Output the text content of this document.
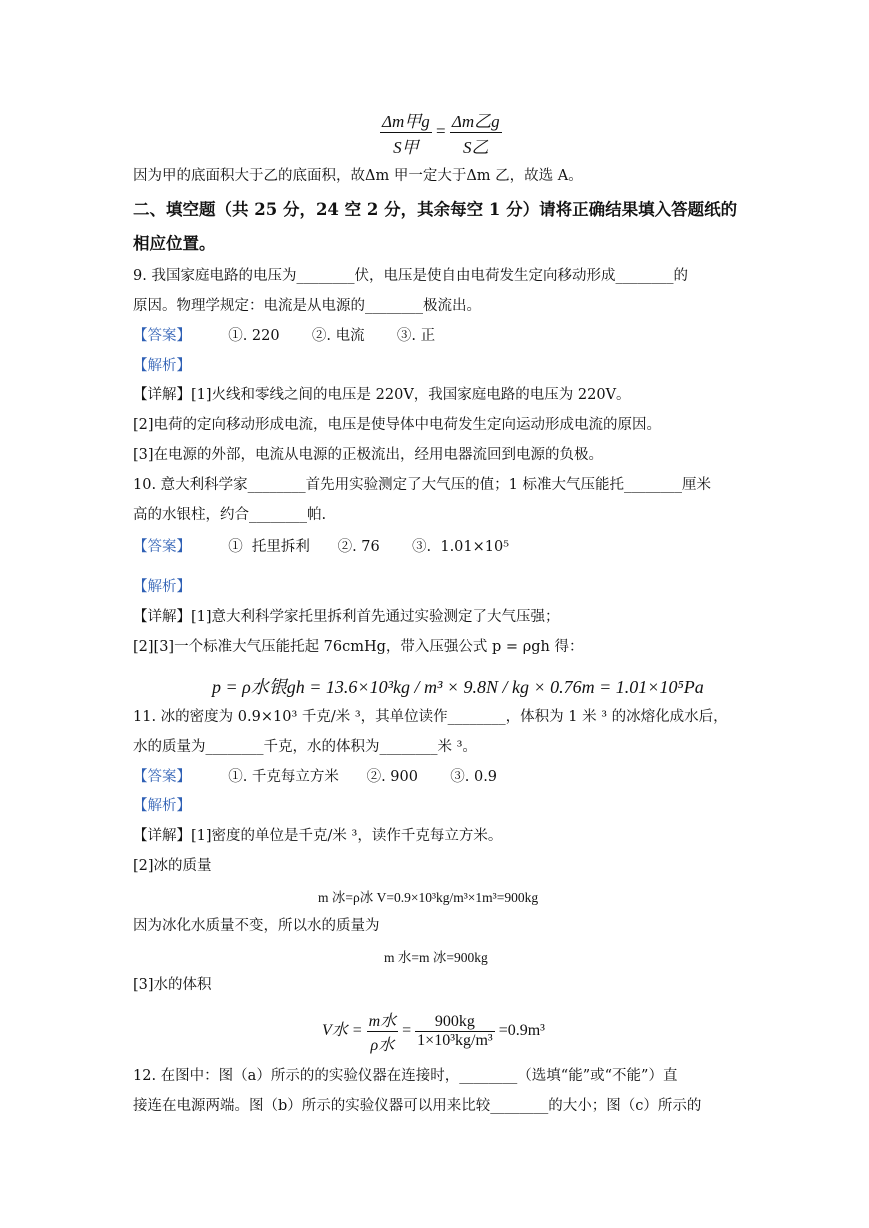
$\frac{\text{Δm甲g}}{\text{S甲}} = \frac{\text{Δm乙g}}{\text{S乙}}$
因为甲的底面积大于乙的底面积，故Δm 甲一定大于Δm 乙，故选 A。
二、填空题（共 25 分，24 空 2 分，其余每空 1 分）请将正确结果填入答题纸的
相应位置。
9. 我国家庭电路的电压为________伏，电压是使自由电荷发生定向移动形成________的
原因。物理学规定：电流是从电源的________极流出。
【答案】	①. 220       ②. 电流       ③. 正
【解析】
【详解】[1]火线和零线之间的电压是 220V，我国家庭电路的电压为 220V。
[2]电荷的定向移动形成电流，电压是使导体中电荷发生定向运动形成电流的原因。
[3]在电源的外部，电流从电源的正极流出，经用电器流回到电源的负极。
10. 意大利科学家________首先用实验测定了大气压的值；1 标准大气压能托________厘米
高的水银柱，约合________帕.
【答案】	①  托里拆利      ②. 76       ③.  1.01×10⁵
【解析】
【详解】[1]意大利科学家托里拆利首先通过实验测定了大气压强；
[2][3]一个标准大气压能托起 76cmHg，带入压强公式 p = ρgh 得：
p = ρ水银gh = 13.6×10³kg / m³ × 9.8N / kg × 0.76m = 1.01×10⁵Pa
11. 冰的密度为 0.9×10³ 千克/米 ³，其单位读作________，体积为 1 米 ³ 的冰熔化成水后，
水的质量为________千克，水的体积为________米 ³。
【答案】	①. 千克每立方米      ②. 900       ③. 0.9
【解析】
【详解】[1]密度的单位是千克/米 ³，读作千克每立方米。
[2]冰的质量
m 冰=ρ冰 V=0.9×10³kg/m³×1m³=900kg
因为冰化水质量不变，所以水的质量为
m 水=m 冰=900kg
[3]水的体积
V水 = $\frac{\text{m水}}{\text{ρ水}} = \frac{900kg}{\text{1×10³kg/m³}} =0.9m^3$
12. 在图中：图（a）所示的的实验仪器在连接时，________（选填“能”或“不能”）直
接连在电源两端。图（b）所示的实验仪器可以用来比较________的大小；图（c）所示的
